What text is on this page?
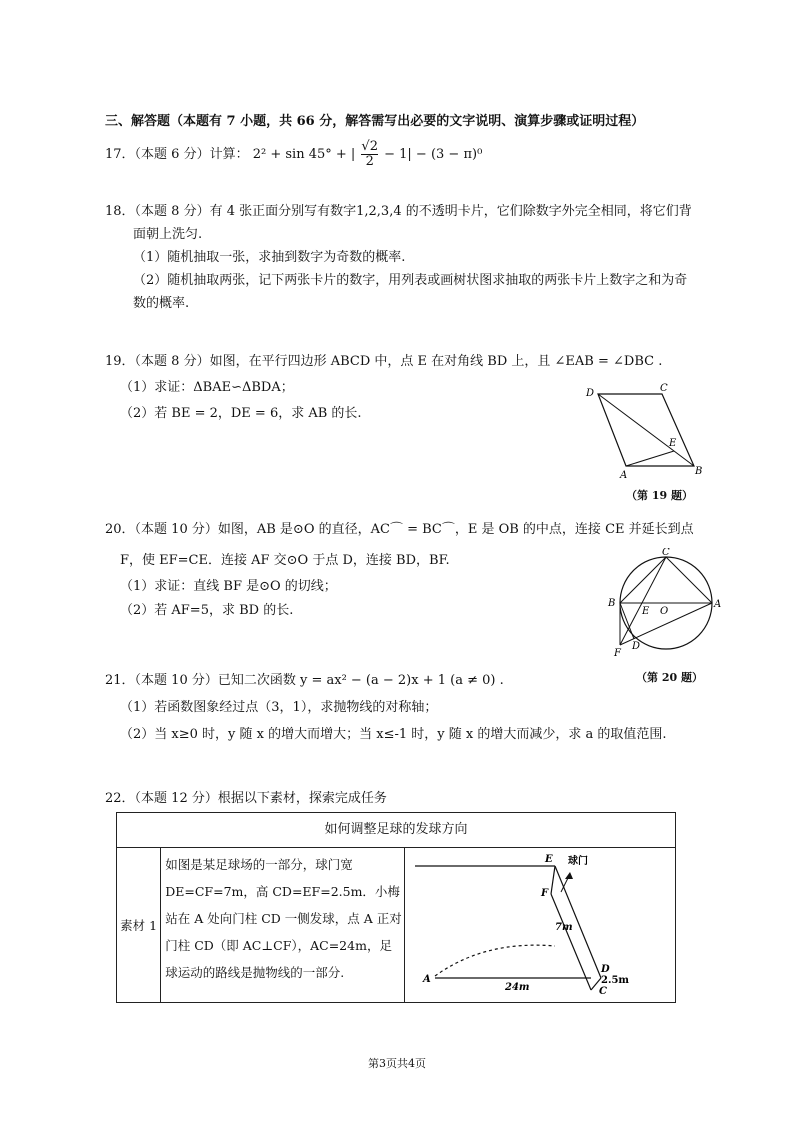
三、解答题（本题有 7 小题，共 66 分，解答需写出必要的文字说明、演算步骤或证明过程）
17．（本题 6 分）计算： 2² + sin 45° + | $\frac{√2}{2} - 1| - (3 - \pi)^0$
18．（本题 8 分）有 4 张正面分别写有数字1,2,3,4 的不透明卡片，它们除数字外完全相同，将它们背
面朝上洗匀.
（1）随机抽取一张，求抽到数字为奇数的概率.
（2）随机抽取两张，记下两张卡片的数字，用列表或画树状图求抽取的两张卡片上数字之和为奇
数的概率.
19．（本题 8 分）如图，在平行四边形 ABCD 中，点 E 在对角线 BD 上，且 ∠EAB = ∠DBC .
（1）求证：ΔBAE∽ΔBDA；
（2）若 BE = 2，DE = 6，求 AB 的长.
D	C
E
A	B
（第 19 题）
20．（本题 10 分）如图，AB 是⊙O 的直径，AC⌒ = BC⌒，E 是 OB 的中点，连接 CE 并延长到点
F，使 EF=CE．连接 AF 交⊙O 于点 D，连接 BD，BF.
（1）求证：直线 BF 是⊙O 的切线；
（2）若 AF=5，求 BD 的长.
C
B	A
E O
D
F
（第 20 题）
21．（本题 10 分）已知二次函数 y = ax² − (a − 2)x + 1 (a ≠ 0) .
（1）若函数图象经过点（3，1），求抛物线的对称轴；
（2）当 x≥0 时，y 随 x 的增大而增大；当 x≤-1 时，y 随 x 的增大而减少，求 a 的取值范围.
22．（本题 12 分）根据以下素材，探索完成任务
如何调整足球的发球方向
素材 1	如图是某足球场的一部分，球门宽 DE=CF=7m，高 CD=EF=2.5m．小梅站在 A 处向门柱 CD 一侧发球，点 A 正对门柱 CD（即 AC⊥CF），AC=24m，足球运动的路线是抛物线的一部分.	
E
F
球门
7m
D
2.5m
C
A
24m
第3页共4页
